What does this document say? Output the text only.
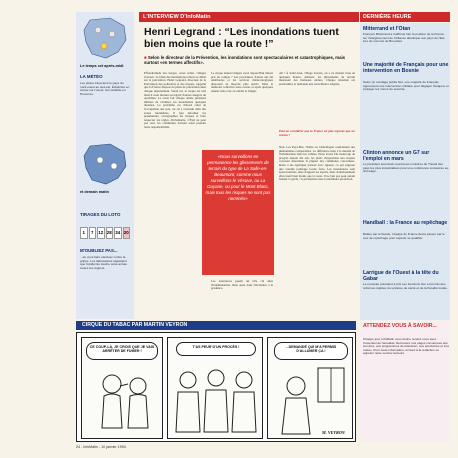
Le temps cet après-midi
LA MÉTÉO
Les pluies traversent le pays du nord-ouest au sud-est. Éclaircies en soirée sur l'ouest, ciel variable en Provence.
et demain matin
TIRAGES DU LOTO
1	7	12 28 34 20
M'OUBLIEZ PAS...
...de vous faire vacciner contre la grippe. Les laboratoires rappellent que l'épidémie touche cette année toutes les régions.
L'INTERVIEW D'InfoMatin
Henri Legrand : “Les inondations tuent bien moins que la route !”
■ Selon le directeur de la Prévention, les inondations sont spectaculaires et catastrophiques, mais surtout «en termes affectifs».
Effondrement des berges, crues éclair, villages évacués : le bilan des inondations relance le débat sur la prévention. Henri Legrand, directeur de la Prévention des pollutions et des risques, rappelle que la France dispose de plans de prévention dans chaque département. Selon lui, le risque est réel mais il reste mesuré au regard d'autres dangers du quotidien. La route fait chaque année plusieurs milliers de victimes, les inondations quelques dizaines. Le problème est d'abord celui de l'occupation des sols, car on a construit dans des zones inondables. Il faut informer les populations, cartographier les risques et faire respecter les règles d'urbanisme. L'État ne peut pas tout, les communes doivent aussi prendre leurs responsabilités.
Le risque naturel majeur est-il aujourd'hui mieux pris en compte ? Les procédures d'alerte ont été améliorées et les services météorologiques disposent de moyens plus précis. Mais la mémoire collective reste courte, et après quelques années sans crue on oublie le danger.
«Nous surveillons en permanence les glissements de terrain du type de La Salle-en-Beaumont, comme nous surveillons le Vésuve, ou La Guyane, ou pour le Mont Blanc, mais tous les risques ne sont pas nommés»
Les assurances jouent un rôle clé dans l'indemnisation, mais aussi dans l'incitation à la prudence.
Ah ! À Saint-Jean, village évacué, on a vu monter l'eau en quelques heures. Ailleurs, les glissements de terrain menacent des hameaux entiers. Chaque situation est particulière et demande une surveillance adaptée.
Peut-on considérer que la France est plus exposée que ses voisins ?
Non. Les Pays-Bas, l'Italie ou l'Allemagne connaissent des phénomènes comparables. La différence tient à la densité de l'urbanisation dans les vallées. Nous avons fait beaucoup de progrès depuis dix ans, les plans d'exposition aux risques couvrent désormais la plupart des communes concernées. Reste à les appliquer partout avec rigueur, ce qui suppose une volonté politique locale forte. Les inondations sont spectaculaires, elles frappent les esprits, mais statistiquement elles tuent bien moins que la route. Il ne faut pas pour autant baisser la garde : la prévention reste la meilleure protection.
DERNIÈRE HEURE
Mitterrand et l'Otan
François Mitterrand a réaffirmé hier la position de la France sur l'élargissement de l'Alliance atlantique aux pays de l'Est, lors du sommet de Bruxelles.
Une majorité de Français pour une intervention en Bosnie
Selon un sondage publié hier, une majorité de Français approuvent une intervention militaire pour dégager Sarajevo et protéger les zones de sécurité.
Clinton annonce un G7 sur l'emploi en mars
Le président américain réunira les ministres du Travail des pays les plus industrialisés pour une conférence consacrée au chômage.
Handball : la France au repêchage
Battue par la Suède, l'équipe de France devra passer par le tour de repêchage pour espérer se qualifier.
Larrigue de l'Ouest à la tête du Gabar
Le nouveau président a pris ses fonctions hier et promis des réformes rapides du système de santé et de la fiscalité locale.
CIRQUE DU TABAC PAR MARTIN VEYRON
CE COUP-LÀ, JE CROIS QUE JE VAIS ARRÊTER DE FUMER !
T'AS PEUR D'UN PROCÈS !	...DEMANDÉ QUI M'A PERMIS D'ALLUMER ÇA !
M. VEYRON
ATTENDEZ VOUS À SAVOIR...
Chaque jour, InfoMatin vous donne rendez-vous avec l'essentiel de l'actualité. Retrouvez nos pages consacrées aux services, aux programmes de télévision, aux spectacles et à la météo. Pour toute information, écrivez à la rédaction ou appelez notre service lecteurs.
24 - InfoMatin - 10 janvier 1994
